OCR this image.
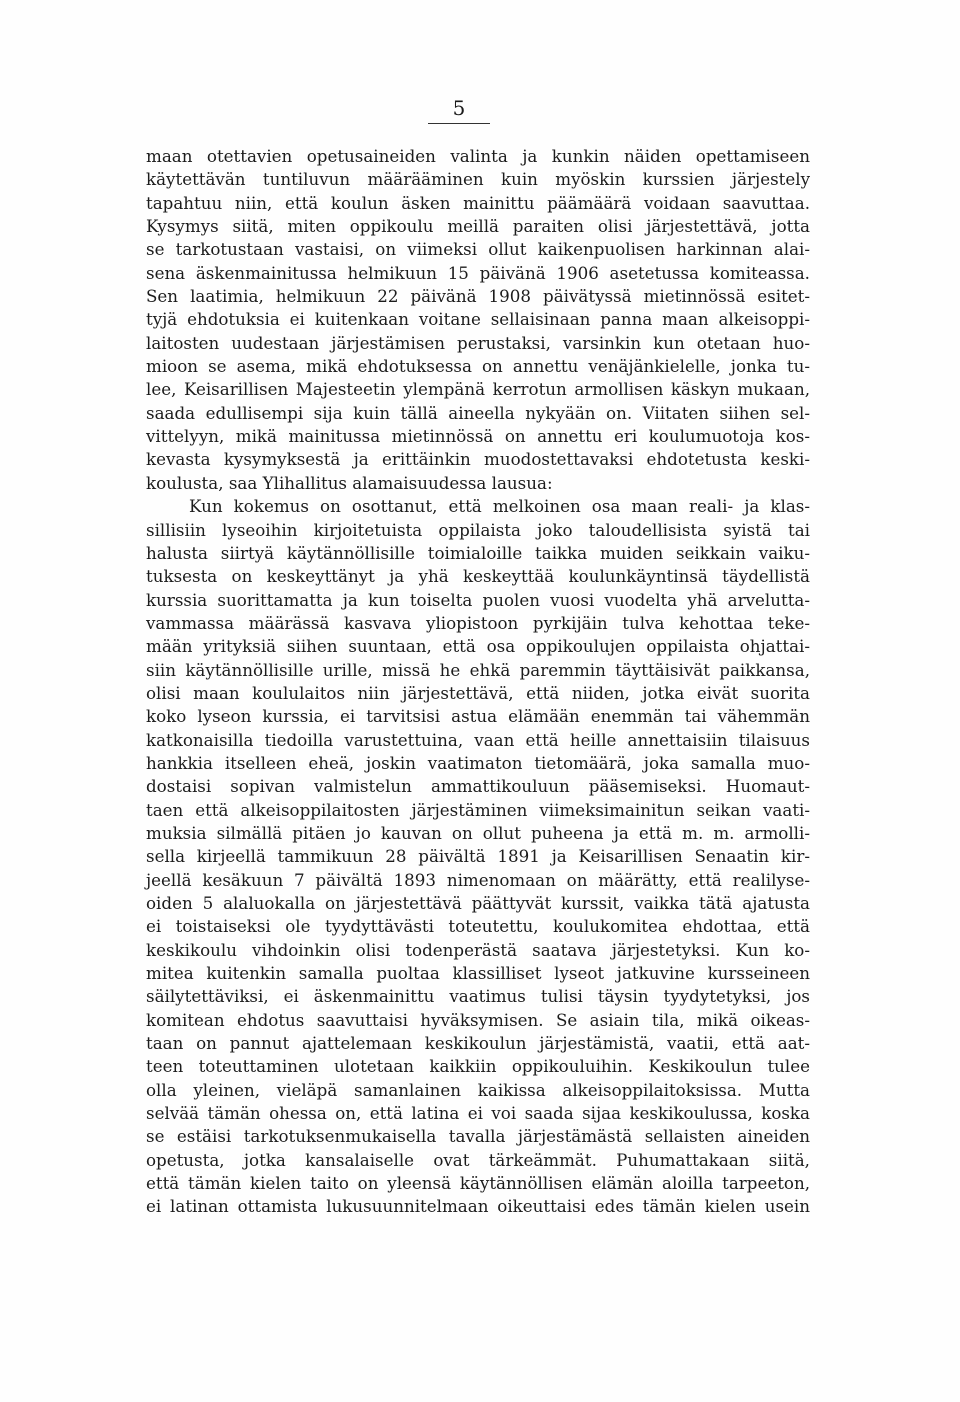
5
maan otettavien opetusaineiden valinta ja kunkin näiden opettamiseen
käytettävän tuntiluvun määrääminen kuin myöskin kurssien järjestely
tapahtuu niin, että koulun äsken mainittu päämäärä voidaan saavuttaa.
Kysymys siitä, miten oppikoulu meillä paraiten olisi järjestettävä, jotta
se tarkotustaan vastaisi, on viimeksi ollut kaikenpuolisen harkinnan alai-
sena äskenmainitussa helmikuun 15 päivänä 1906 asetetussa komiteassa.
Sen laatimia, helmikuun 22 päivänä 1908 päivätyssä mietinnössä esitet-
tyjä ehdotuksia ei kuitenkaan voitane sellaisinaan panna maan alkeisoppi-
laitosten uudestaan järjestämisen perustaksi, varsinkin kun otetaan huo-
mioon se asema, mikä ehdotuksessa on annettu venäjänkielelle, jonka tu-
lee, Keisarillisen Majesteetin ylempänä kerrotun armollisen käskyn mukaan,
saada edullisempi sija kuin tällä aineella nykyään on. Viitaten siihen sel-
vittelyyn, mikä mainitussa mietinnössä on annettu eri koulumuotoja kos-
kevasta kysymyksestä ja erittäinkin muodostettavaksi ehdotetusta keski-
koulusta, saa Ylihallitus alamaisuudessa lausua:
Kun kokemus on osottanut, että melkoinen osa maan reali- ja klas-
sillisiin lyseoihin kirjoitetuista oppilaista joko taloudellisista syistä tai
halusta siirtyä käytännöllisille toimialoille taikka muiden seikkain vaiku-
tuksesta on keskeyttänyt ja yhä keskeyttää koulunkäyntinsä täydellistä
kurssia suorittamatta ja kun toiselta puolen vuosi vuodelta yhä arvelutta-
vammassa määrässä kasvava yliopistoon pyrkijäin tulva kehottaa teke-
mään yrityksiä siihen suuntaan, että osa oppikoulujen oppilaista ohjattai-
siin käytännöllisille urille, missä he ehkä paremmin täyttäisivät paikkansa,
olisi maan koululaitos niin järjestettävä, että niiden, jotka eivät suorita
koko lyseon kurssia, ei tarvitsisi astua elämään enemmän tai vähemmän
katkonaisilla tiedoilla varustettuina, vaan että heille annettaisiin tilaisuus
hankkia itselleen eheä, joskin vaatimaton tietomäärä, joka samalla muo-
dostaisi sopivan valmistelun ammattikouluun pääsemiseksi. Huomaut-
taen että alkeisoppilaitosten järjestäminen viimeksimainitun seikan vaati-
muksia silmällä pitäen jo kauvan on ollut puheena ja että m. m. armolli-
sella kirjeellä tammikuun 28 päivältä 1891 ja Keisarillisen Senaatin kir-
jeellä kesäkuun 7 päivältä 1893 nimenomaan on määrätty, että realilyse-
oiden 5 alaluokalla on järjestettävä päättyvät kurssit, vaikka tätä ajatusta
ei toistaiseksi ole tyydyttävästi toteutettu, koulukomitea ehdottaa, että
keskikoulu vihdoinkin olisi todenperästä saatava järjestetyksi. Kun ko-
mitea kuitenkin samalla puoltaa klassilliset lyseot jatkuvine kursseineen
säilytettäviksi, ei äskenmainittu vaatimus tulisi täysin tyydytetyksi, jos
komitean ehdotus saavuttaisi hyväksymisen. Se asiain tila, mikä oikeas-
taan on pannut ajattelemaan keskikoulun järjestämistä, vaatii, että aat-
teen toteuttaminen ulotetaan kaikkiin oppikouluihin. Keskikoulun tulee
olla yleinen, vieläpä samanlainen kaikissa alkeisoppilaitoksissa. Mutta
selvää tämän ohessa on, että latina ei voi saada sijaa keskikoulussa, koska
se estäisi tarkotuksenmukaisella tavalla järjestämästä sellaisten aineiden
opetusta, jotka kansalaiselle ovat tärkeämmät. Puhumattakaan siitä,
että tämän kielen taito on yleensä käytännöllisen elämän aloilla tarpeeton,
ei latinan ottamista lukusuunnitelmaan oikeuttaisi edes tämän kielen usein
